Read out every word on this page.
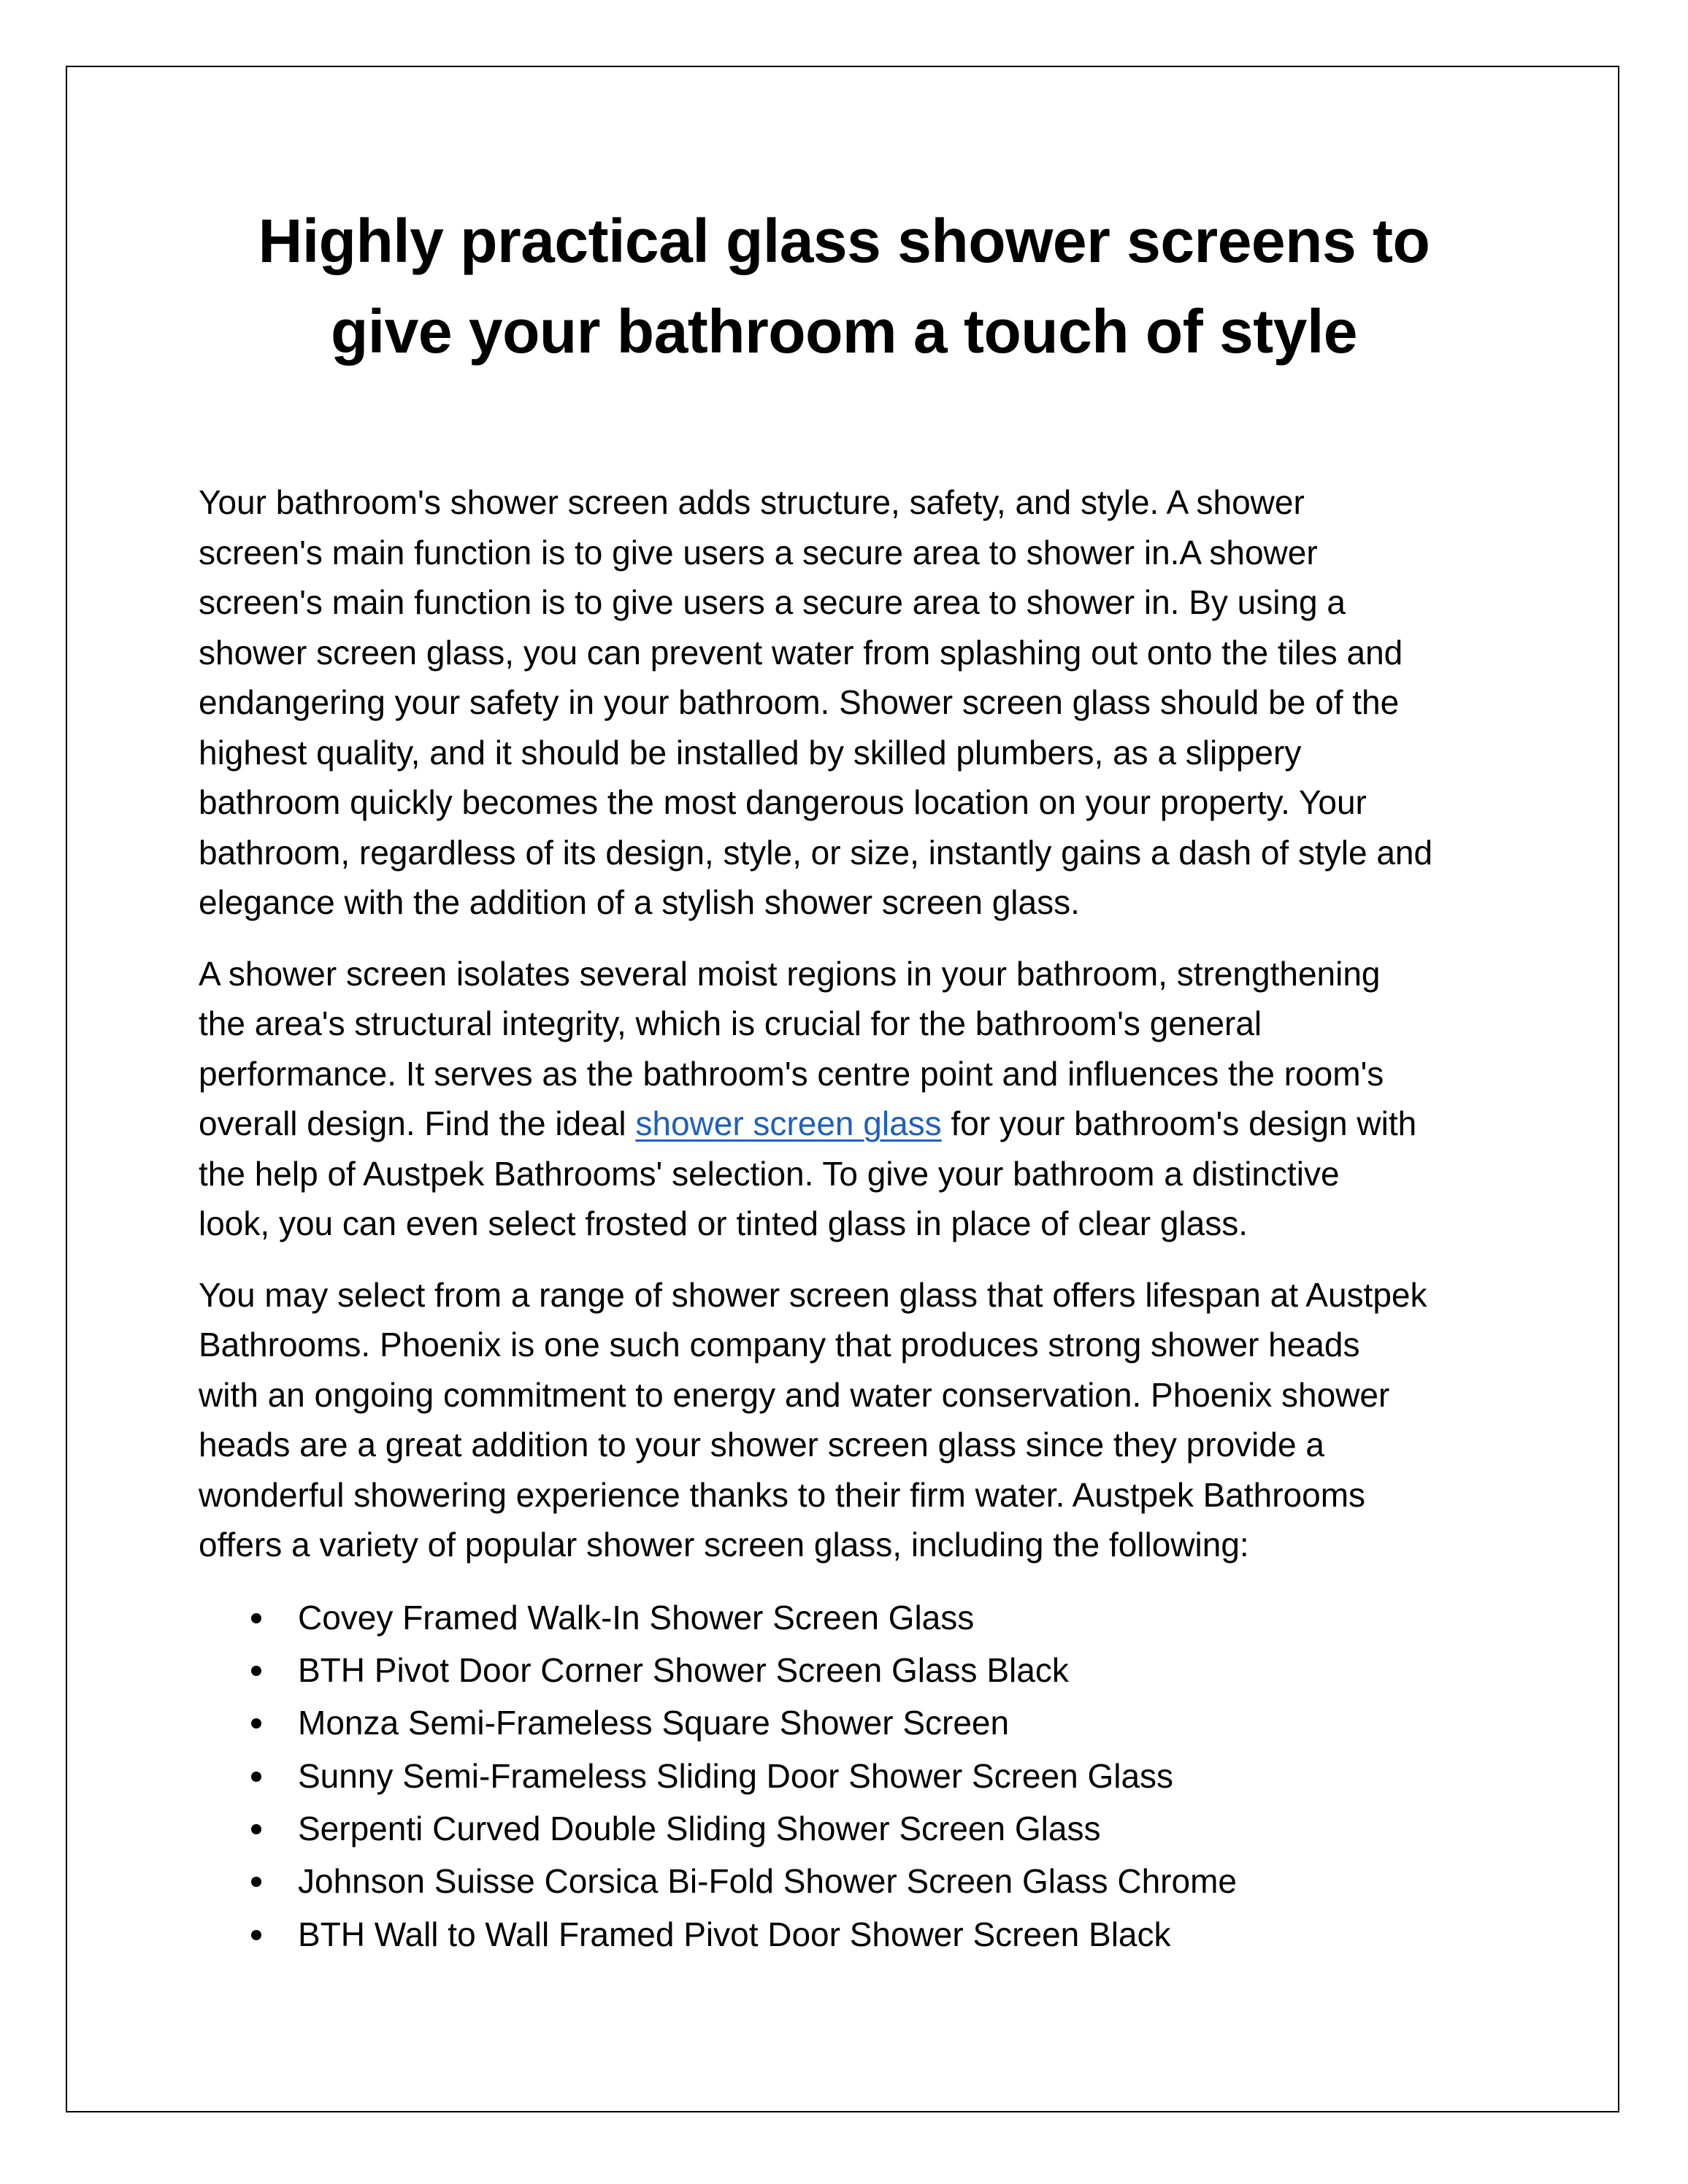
Highly practical glass shower screens to
give your bathroom a touch of style

Your bathroom's shower screen adds structure, safety, and style. A shower
screen's main function is to give users a secure area to shower in.A shower
screen's main function is to give users a secure area to shower in. By using a
shower screen glass, you can prevent water from splashing out onto the tiles and
endangering your safety in your bathroom. Shower screen glass should be of the
highest quality, and it should be installed by skilled plumbers, as a slippery
bathroom quickly becomes the most dangerous location on your property. Your
bathroom, regardless of its design, style, or size, instantly gains a dash of style and
elegance with the addition of a stylish shower screen glass.

A shower screen isolates several moist regions in your bathroom, strengthening
the area's structural integrity, which is crucial for the bathroom's general
performance. It serves as the bathroom's centre point and influences the room's
overall design. Find the ideal shower screen glass for your bathroom's design with
the help of Austpek Bathrooms' selection. To give your bathroom a distinctive
look, you can even select frosted or tinted glass in place of clear glass.

You may select from a range of shower screen glass that offers lifespan at Austpek
Bathrooms. Phoenix is one such company that produces strong shower heads
with an ongoing commitment to energy and water conservation. Phoenix shower
heads are a great addition to your shower screen glass since they provide a
wonderful showering experience thanks to their firm water. Austpek Bathrooms
offers a variety of popular shower screen glass, including the following:

Covey Framed Walk-In Shower Screen Glass
BTH Pivot Door Corner Shower Screen Glass Black
Monza Semi-Frameless Square Shower Screen
Sunny Semi-Frameless Sliding Door Shower Screen Glass
Serpenti Curved Double Sliding Shower Screen Glass
Johnson Suisse Corsica Bi-Fold Shower Screen Glass Chrome
BTH Wall to Wall Framed Pivot Door Shower Screen Black
